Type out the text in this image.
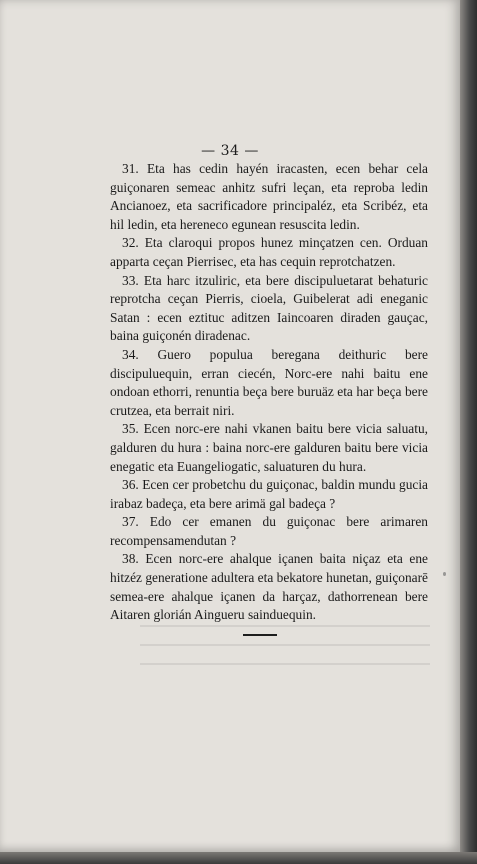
— 34 —

31. Eta has cedin hayén iracasten, ecen behar cela guiçonaren semeac anhitz sufri leçan, eta reproba ledin Ancianoez, eta sacrificadore principaléz, eta Scribéz, eta hil ledin, eta hereneco egunean resuscita ledin.

32. Eta claroqui propos hunez minçatzen cen. Orduan apparta ceçan Pierrisec, eta has cequin reprotchatzen.

33. Eta harc itzuliric, eta bere discipuluetarat behaturic reprotcha ceçan Pierris, cioela, Guibelerat adi eneganic Satan : ecen eztituc aditzen Iaincoaren diraden gauçac, baina guiçonén diradenac.

34. Guero populua beregana deithuric bere discipuluequin, erran ciecén, Norc-ere nahi baitu ene ondoan ethorri, renuntia beça bere buruäz eta har beça bere crutzea, eta berrait niri.

35. Ecen norc-ere nahi vkanen baitu bere vicia saluatu, galduren du hura : baina norc-ere galduren baitu bere vicia enegatic eta Euangeliogatic, saluaturen du hura.

36. Ecen cer probetchu du guiçonac, baldin mundu gucia irabaz badeça, eta bere arimä gal badeça ?

37. Edo cer emanen du guiçonac bere arimaren recompensamendutan ?

38. Ecen norc-ere ahalque içanen baita niçaz eta ene hitzéz generatione adultera eta bekatore hunetan, guiçonarē semea-ere ahalque içanen da harçaz, dathorrenean bere Aitaren glorián Aingueru sainduequin.
